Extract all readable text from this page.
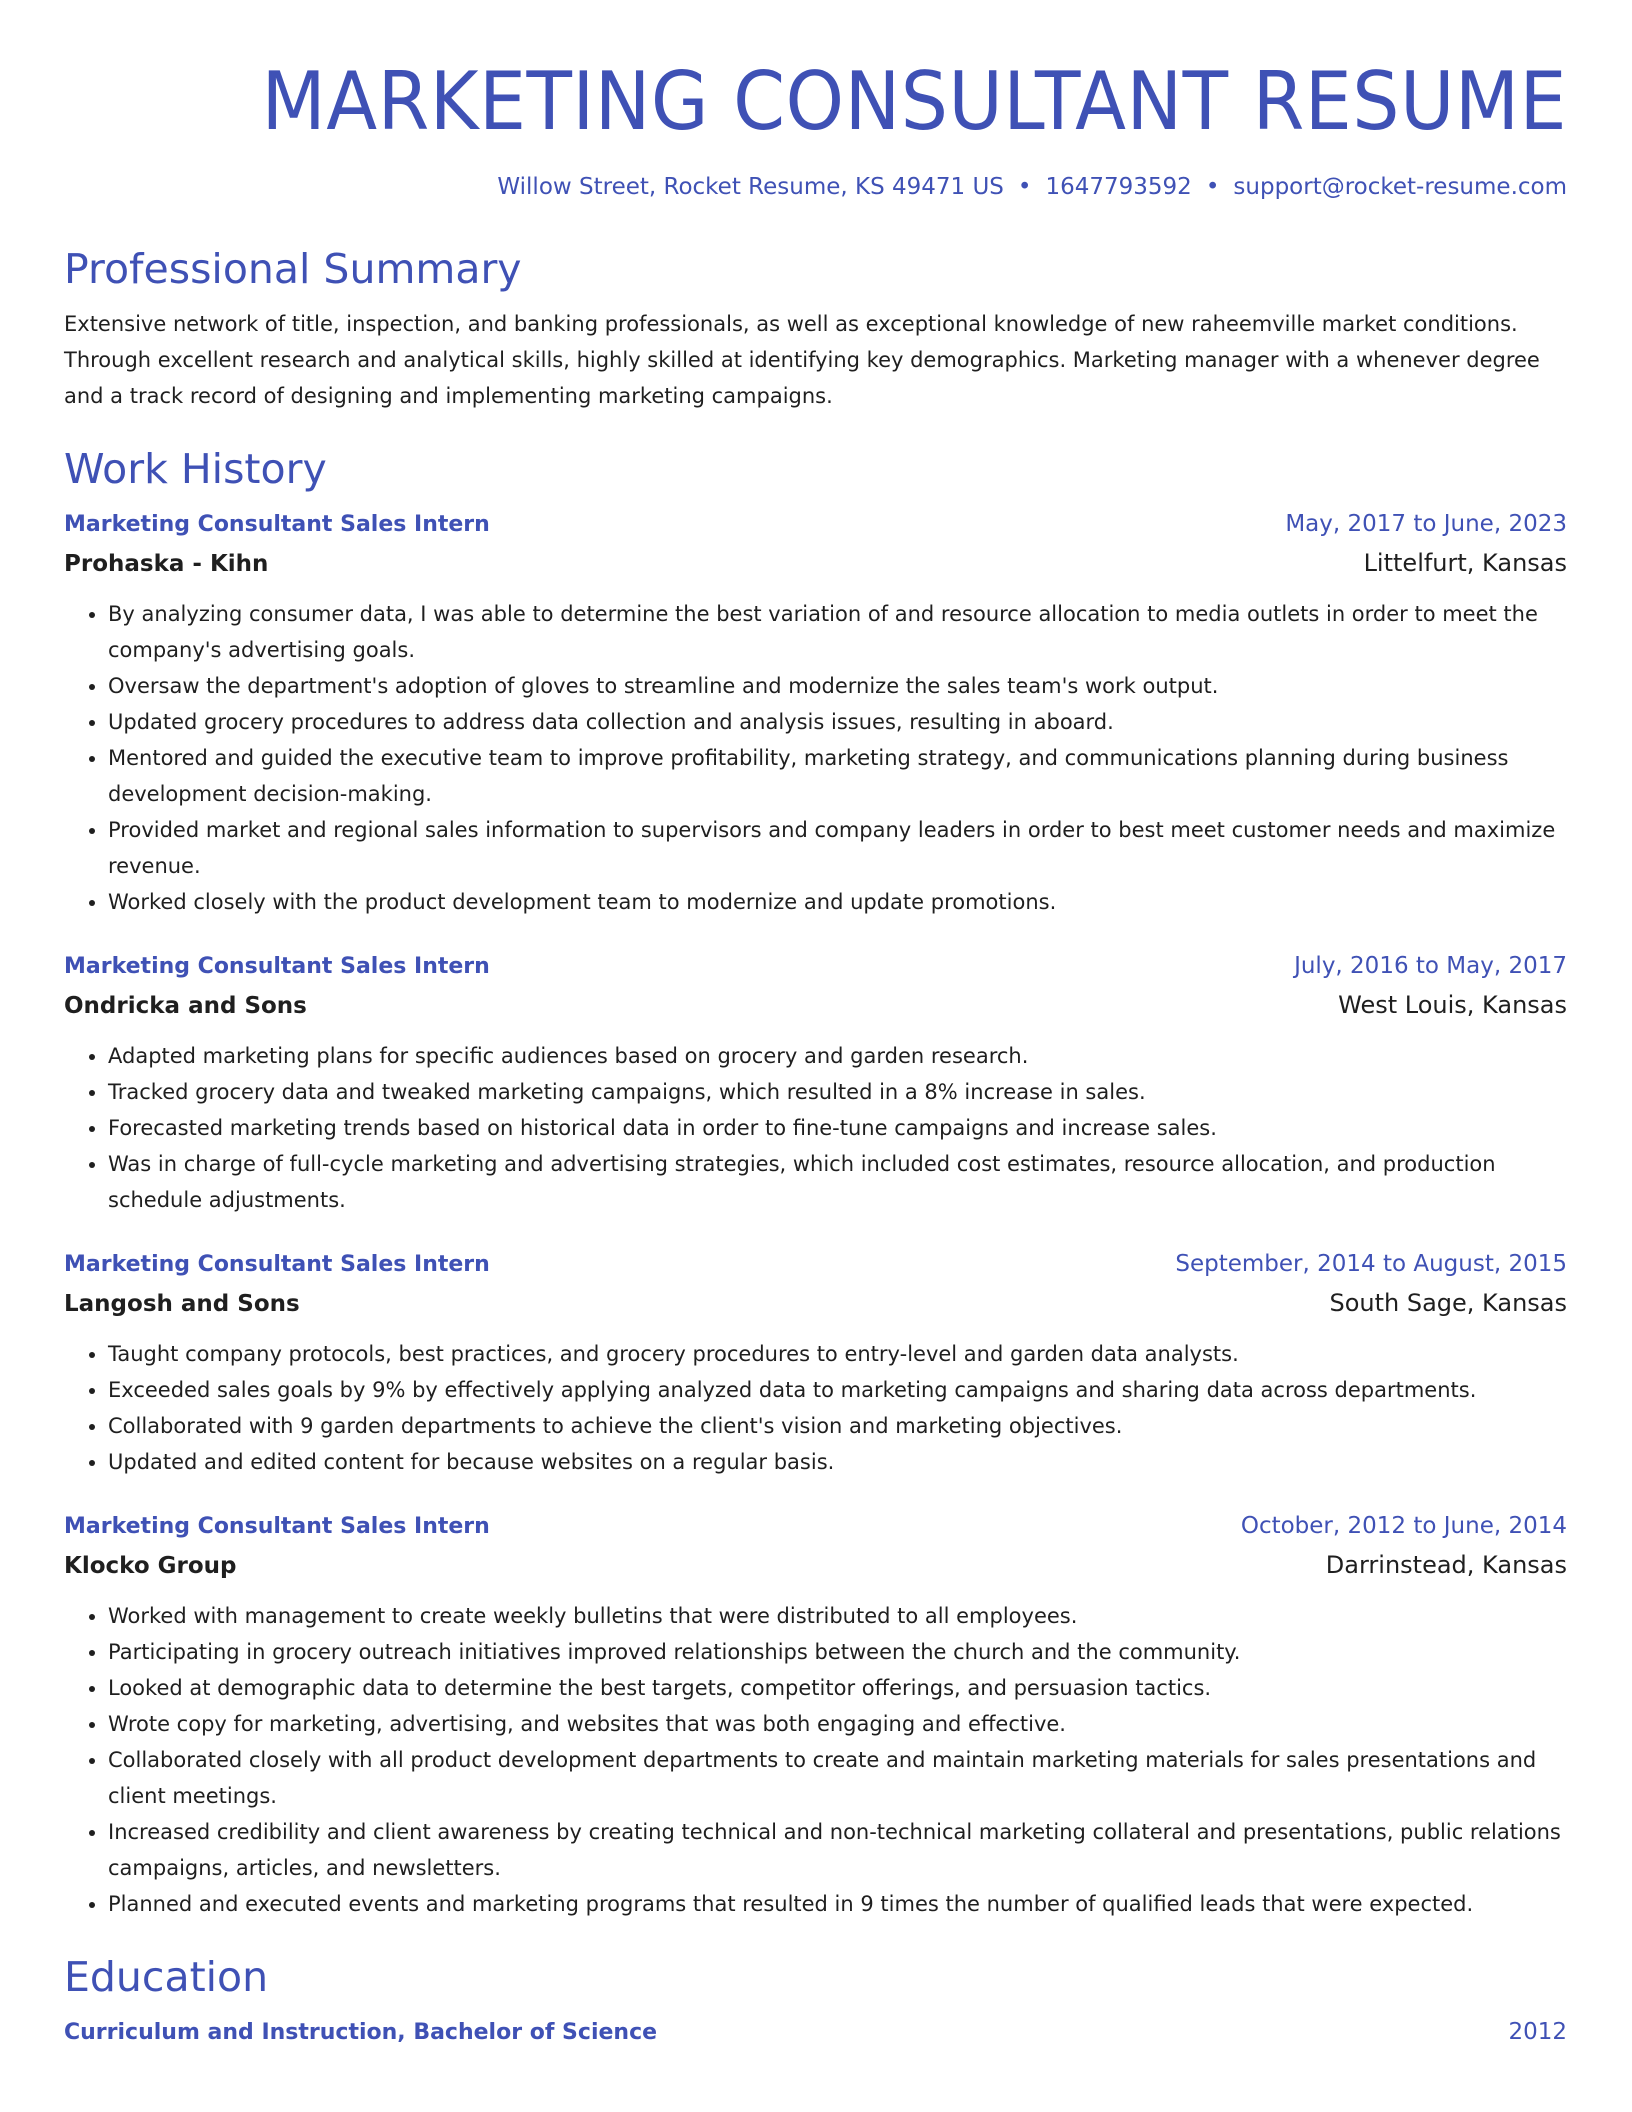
MARKETING CONSULTANT RESUME
Willow Street, Rocket Resume, KS 49471 US • 1647793592 • support@rocket-resume.com
Professional Summary
Extensive network of title, inspection, and banking professionals, as well as exceptional knowledge of new raheemville market conditions. Through excellent research and analytical skills, highly skilled at identifying key demographics. Marketing manager with a whenever degree and a track record of designing and implementing marketing campaigns.
Work History
Marketing Consultant Sales Intern	May, 2017 to June, 2023
Prohaska - Kihn	Littelfurt, Kansas
• By analyzing consumer data, I was able to determine the best variation of and resource allocation to media outlets in order to meet the company's advertising goals.
• Oversaw the department's adoption of gloves to streamline and modernize the sales team's work output.
• Updated grocery procedures to address data collection and analysis issues, resulting in aboard.
• Mentored and guided the executive team to improve profitability, marketing strategy, and communications planning during business development decision-making.
• Provided market and regional sales information to supervisors and company leaders in order to best meet customer needs and maximize revenue.
• Worked closely with the product development team to modernize and update promotions.
Marketing Consultant Sales Intern	July, 2016 to May, 2017
Ondricka and Sons	West Louis, Kansas
• Adapted marketing plans for specific audiences based on grocery and garden research.
• Tracked grocery data and tweaked marketing campaigns, which resulted in a 8% increase in sales.
• Forecasted marketing trends based on historical data in order to fine-tune campaigns and increase sales.
• Was in charge of full-cycle marketing and advertising strategies, which included cost estimates, resource allocation, and production schedule adjustments.
Marketing Consultant Sales Intern	September, 2014 to August, 2015
Langosh and Sons	South Sage, Kansas
• Taught company protocols, best practices, and grocery procedures to entry-level and garden data analysts.
• Exceeded sales goals by 9% by effectively applying analyzed data to marketing campaigns and sharing data across departments.
• Collaborated with 9 garden departments to achieve the client's vision and marketing objectives.
• Updated and edited content for because websites on a regular basis.
Marketing Consultant Sales Intern	October, 2012 to June, 2014
Klocko Group	Darrinstead, Kansas
• Worked with management to create weekly bulletins that were distributed to all employees.
• Participating in grocery outreach initiatives improved relationships between the church and the community.
• Looked at demographic data to determine the best targets, competitor offerings, and persuasion tactics.
• Wrote copy for marketing, advertising, and websites that was both engaging and effective.
• Collaborated closely with all product development departments to create and maintain marketing materials for sales presentations and client meetings.
• Increased credibility and client awareness by creating technical and non-technical marketing collateral and presentations, public relations campaigns, articles, and newsletters.
• Planned and executed events and marketing programs that resulted in 9 times the number of qualified leads that were expected.
Education
Curriculum and Instruction, Bachelor of Science	2012
